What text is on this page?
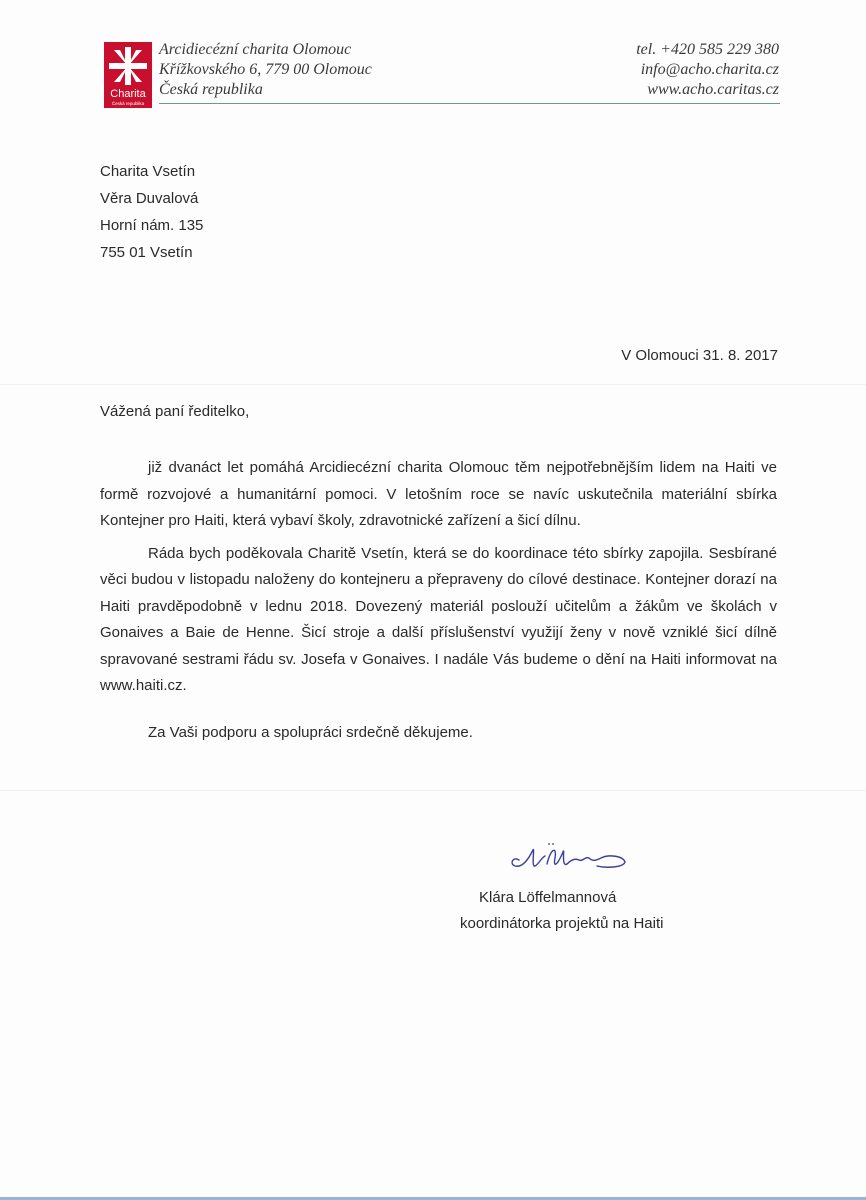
Charita
Česká republika
Arcidiecézní charita Olomouc
Křížkovského 6, 779 00 Olomouc
Česká republika
tel. +420 585 229 380
info@acho.charita.cz
www.acho.caritas.cz
Charita Vsetín
Věra Duvalová
Horní nám. 135
755 01 Vsetín
V Olomouci 31. 8. 2017
Vážená paní ředitelko,

již dvanáct let pomáhá Arcidiecézní charita Olomouc těm nejpotřebnějším lidem na Haiti ve formě rozvojové a humanitární pomoci. V letošním roce se navíc uskutečnila materiální sbírka Kontejner pro Haiti, která vybaví školy, zdravotnické zařízení a šicí dílnu.

Ráda bych poděkovala Charitě Vsetín, která se do koordinace této sbírky zapojila. Sesbírané věci budou v listopadu naloženy do kontejneru a přepraveny do cílové destinace. Kontejner dorazí na Haiti pravděpodobně v lednu 2018. Dovezený materiál poslouží učitelům a žákům ve školách v Gonaives a Baie de Henne. Šicí stroje a další příslušenství využijí ženy v nově vzniklé šicí dílně spravované sestrami řádu sv. Josefa v Gonaives. I nadále Vás budeme o dění na Haiti informovat na www.haiti.cz.

Za Vaši podporu a spolupráci srdečně děkujeme.
Klára Löffelmannová
koordinátorka projektů na Haiti
